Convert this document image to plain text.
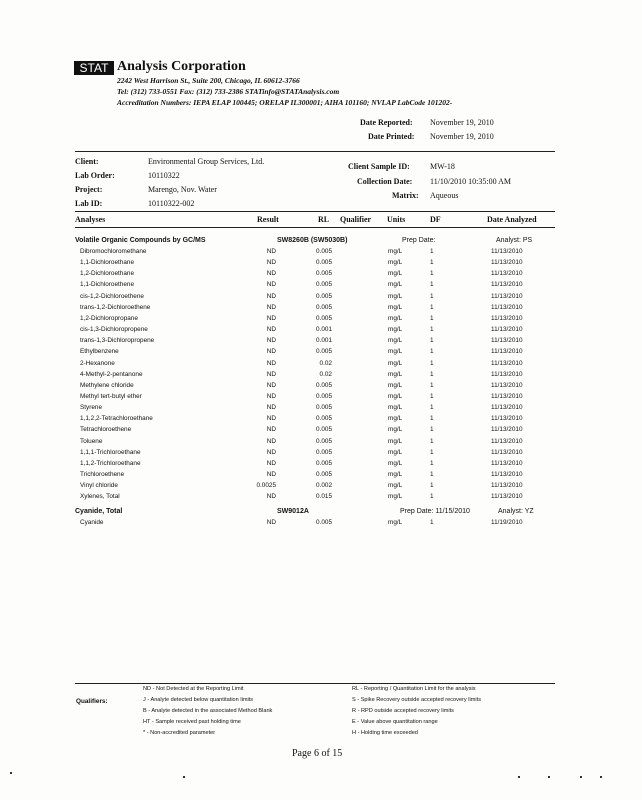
STAT Analysis Corporation
2242 West Harrison St., Suite 200, Chicago, IL 60612-3766
Tel: (312) 733-0551 Fax: (312) 733-2386 STATinfo@STATAnalysis.com
Accreditation Numbers: IEPA ELAP 100445; ORELAP IL300001; AIHA 101160; NVLAP LabCode 101202-
Date Reported: November 19, 2010
Date Printed: November 19, 2010
Client:	Environmental Group Services, Ltd.
Lab Order:	10110322
Project:	Marengo, Nov. Water
Lab ID:	10110322-002
Client Sample ID:	MW-18
Collection Date: 11/10/2010 10:35:00 AM
Matrix: Aqueous
Analyses	Result	RL Qualifier Units	DF	Date Analyzed
Volatile Organic Compounds by GC/MS	SW8260B (SW5030B)	Prep Date:	Analyst: PS
Dibromochloromethane	ND	0.005	mg/L	1	11/13/2010
1,1-Dichloroethane	ND	0.005	mg/L	1	11/13/2010
1,2-Dichloroethane	ND	0.005	mg/L	1	11/13/2010
1,1-Dichloroethene	ND	0.005	mg/L	1	11/13/2010
cis-1,2-Dichloroethene	ND	0.005	mg/L	1	11/13/2010
trans-1,2-Dichloroethene	ND	0.005	mg/L	1	11/13/2010
1,2-Dichloropropane	ND	0.005	mg/L	1	11/13/2010
cis-1,3-Dichloropropene	ND	0.001	mg/L	1	11/13/2010
trans-1,3-Dichloropropene	ND	0.001	mg/L	1	11/13/2010
Ethylbenzene	ND	0.005	mg/L	1	11/13/2010
2-Hexanone	ND	0.02	mg/L	1	11/13/2010
4-Methyl-2-pentanone	ND	0.02	mg/L	1	11/13/2010
Methylene chloride	ND	0.005	mg/L	1	11/13/2010
Methyl tert-butyl ether	ND	0.005	mg/L	1	11/13/2010
Styrene	ND	0.005	mg/L	1	11/13/2010
1,1,2,2-Tetrachloroethane	ND	0.005	mg/L	1	11/13/2010
Tetrachloroethene	ND	0.005	mg/L	1	11/13/2010
Toluene	ND	0.005	mg/L	1	11/13/2010
1,1,1-Trichloroethane	ND	0.005	mg/L	1	11/13/2010
1,1,2-Trichloroethane	ND	0.005	mg/L	1	11/13/2010
Trichloroethene	ND	0.005	mg/L	1	11/13/2010
Vinyl chloride	0.0025	0.002	mg/L	1	11/13/2010
Xylenes, Total	ND	0.015	mg/L	1	11/13/2010
Cyanide, Total	SW9012A	Prep Date: 11/15/2010	Analyst: YZ
Cyanide	ND	0.005	mg/L	1	11/19/2010
Qualifiers:
ND - Not Detected at the Reporting Limit
J - Analyte detected below quantitation limits
B - Analyte detected in the associated Method Blank
HT - Sample received past holding time
* - Non-accredited parameter
RL - Reporting / Quantitation Limit for the analysis
S - Spike Recovery outside accepted recovery limits
R - RPD outside accepted recovery limits
E - Value above quantitation range
H - Holding time exceeded
Page 6 of 15
